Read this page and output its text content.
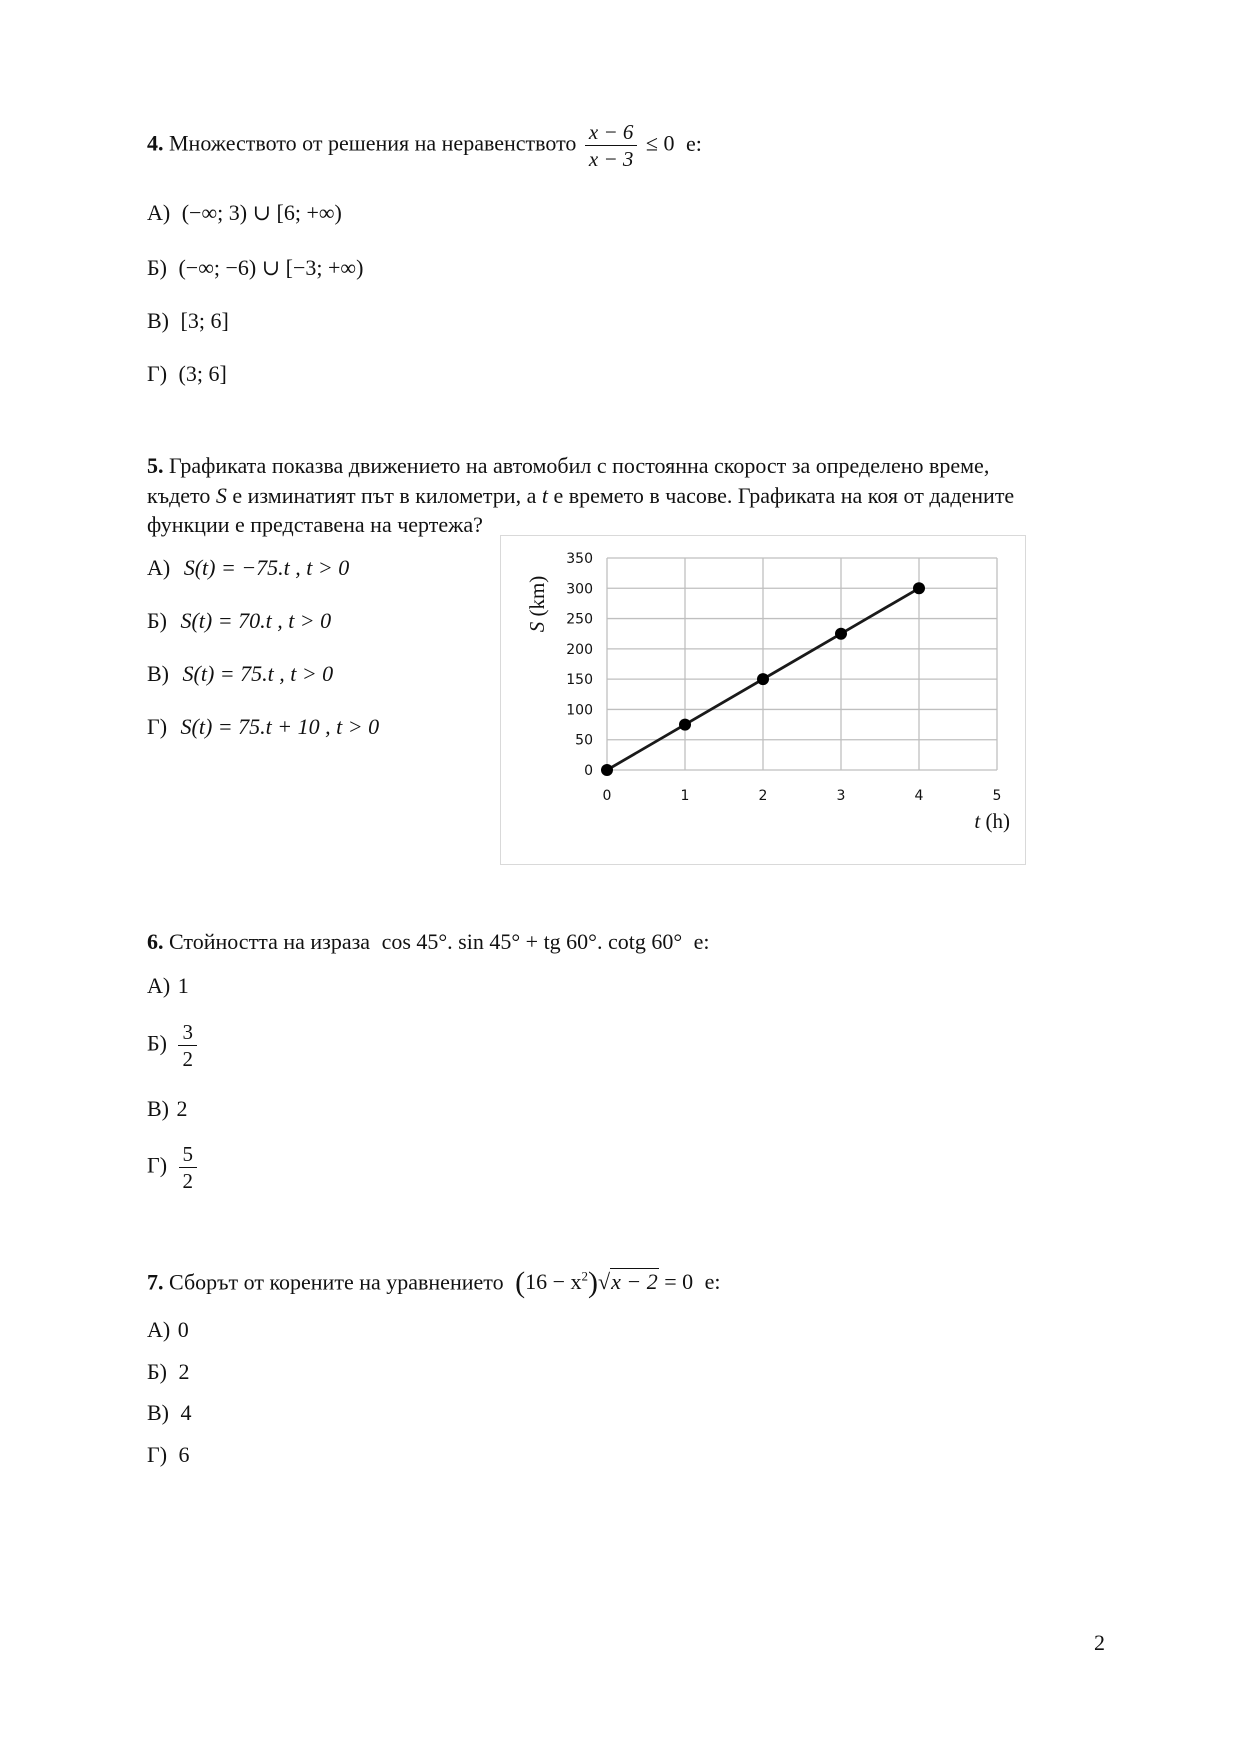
4. Множеството от решения на неравенството $\frac{x - 6}{x - 3} \le 0$ е:
А) (−∞; 3) ∪ [6; +∞)
Б) (−∞; −6) ∪ [−3; +∞)
В) [3; 6]
Г) (3; 6]
5. Графиката показва движението на автомобил с постоянна скорост за определено време,
където S е изминатият път в километри, а t е времето в часове. Графиката на коя от дадените
функции е представена на чертежа?
А) S(t) = −75.t , t > 0
Б) S(t) = 70.t , t > 0
В) S(t) = 75.t , t > 0
Г) S(t) = 75.t + 10 , t > 0
0
50
100
150
200
250
300
350
0	1	2	3	4	5
S (km)
t (h)
6. Стойността на израза cos 45°. sin 45° + tg 60°. cotg 60° е:
А) 1
$Б) \frac{3}{2}$
В) 2
$Г) \frac{5}{2}$
7. Сборът от корените на уравнението $(16 - x^2)√x - 2 = 0$ е:
А) 0
Б) 2
В) 4
Г) 6
2
